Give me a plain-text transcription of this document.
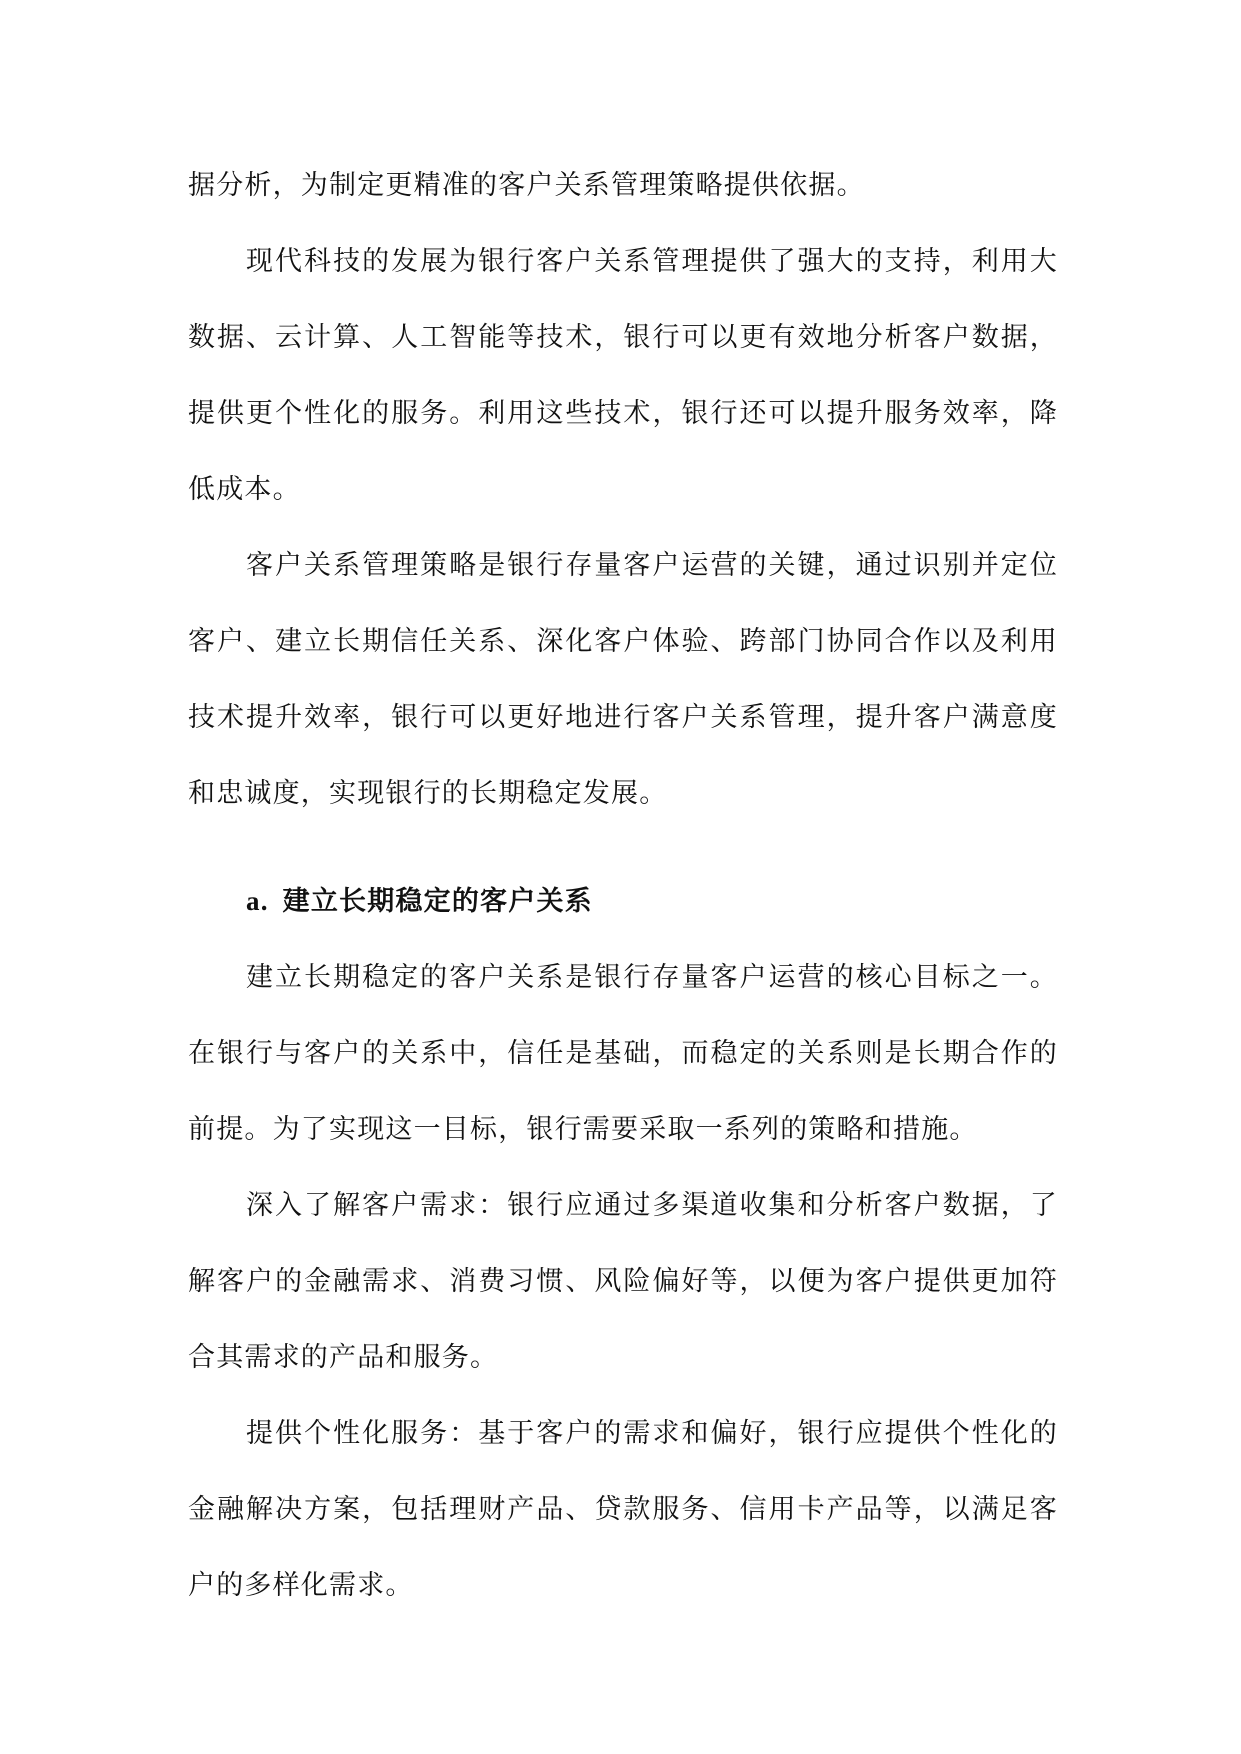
据分析，为制定更精准的客户关系管理策略提供依据。

现代科技的发展为银行客户关系管理提供了强大的支持，利用大数据、云计算、人工智能等技术，银行可以更有效地分析客户数据，提供更个性化的服务。利用这些技术，银行还可以提升服务效率，降低成本。

客户关系管理策略是银行存量客户运营的关键，通过识别并定位客户、建立长期信任关系、深化客户体验、跨部门协同合作以及利用技术提升效率，银行可以更好地进行客户关系管理，提升客户满意度和忠诚度，实现银行的长期稳定发展。

a. 建立长期稳定的客户关系

建立长期稳定的客户关系是银行存量客户运营的核心目标之一。在银行与客户的关系中，信任是基础，而稳定的关系则是长期合作的前提。为了实现这一目标，银行需要采取一系列的策略和措施。

深入了解客户需求：银行应通过多渠道收集和分析客户数据，了解客户的金融需求、消费习惯、风险偏好等，以便为客户提供更加符合其需求的产品和服务。

提供个性化服务：基于客户的需求和偏好，银行应提供个性化的金融解决方案，包括理财产品、贷款服务、信用卡产品等，以满足客户的多样化需求。
